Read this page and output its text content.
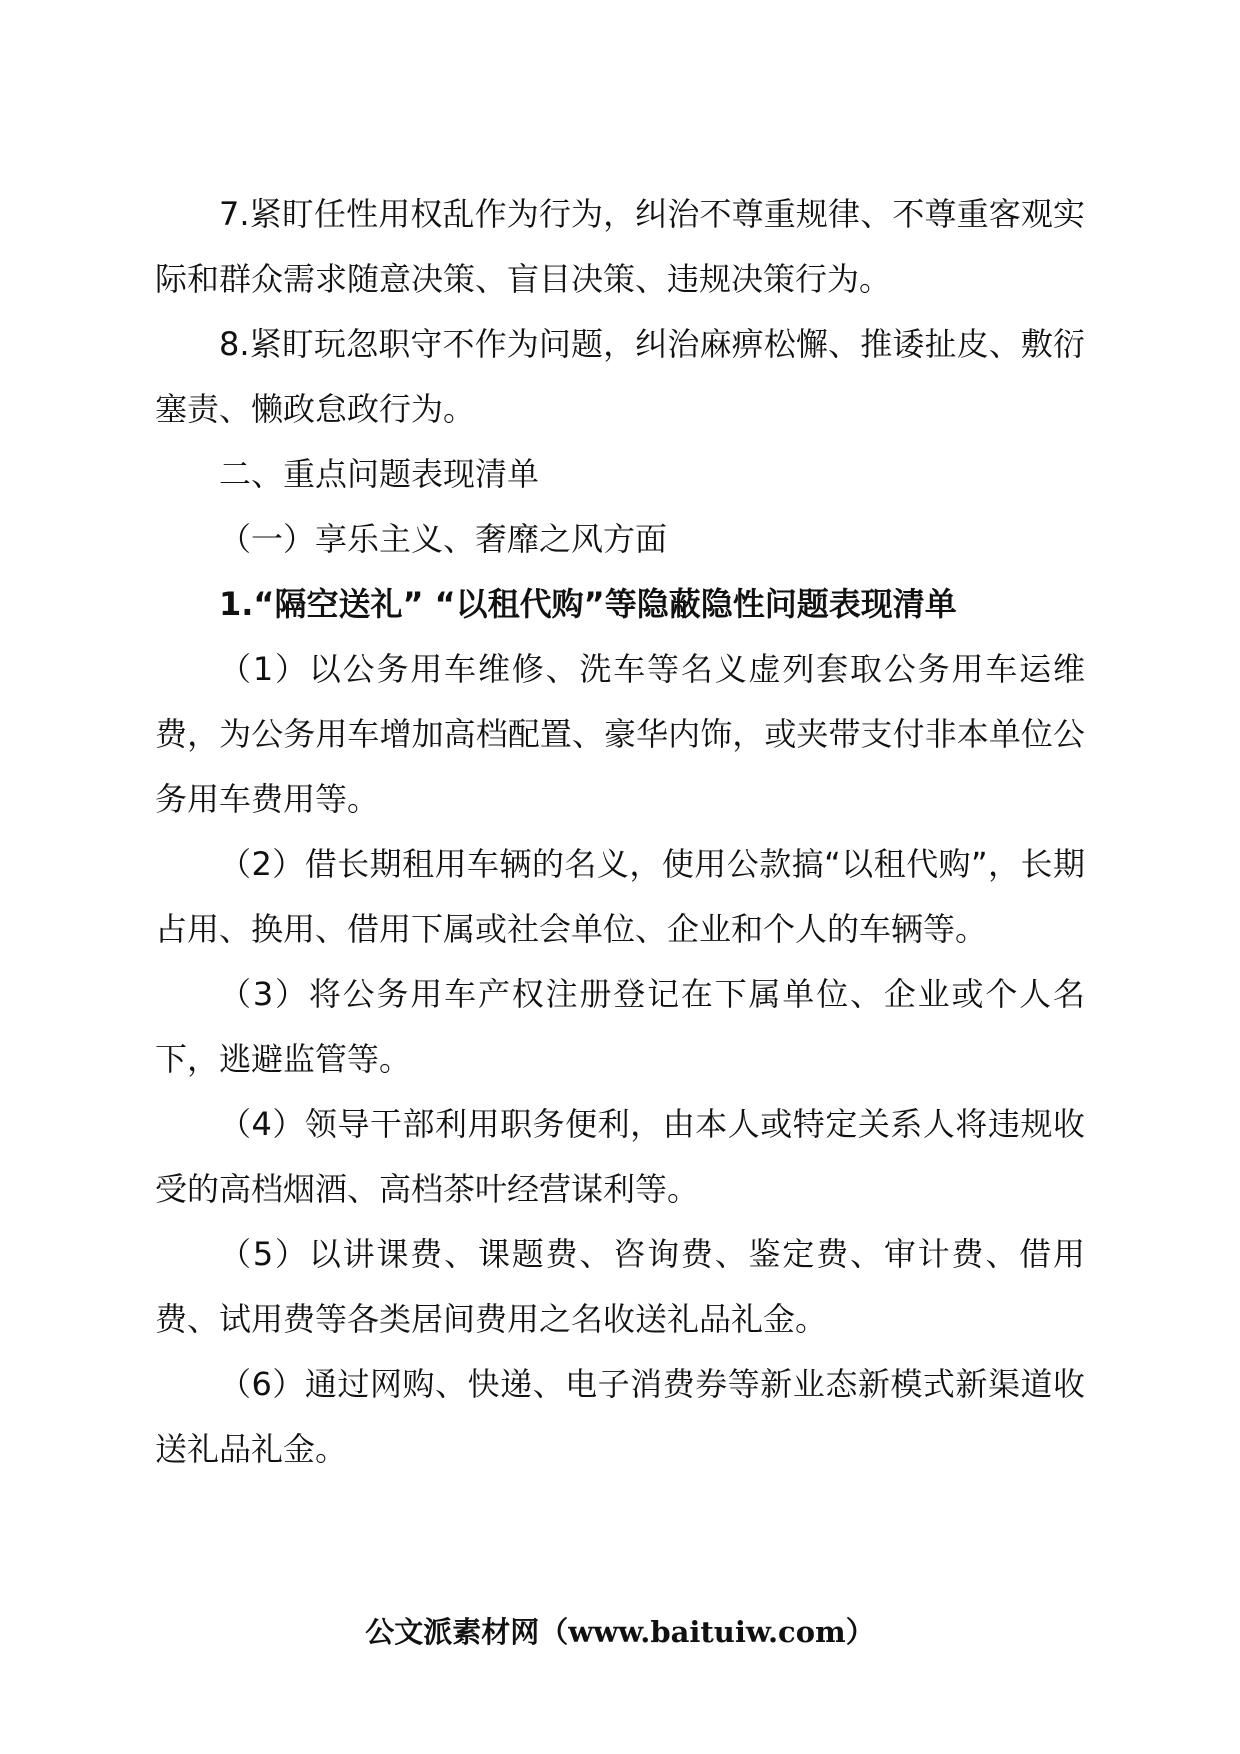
7.紧盯任性用权乱作为行为，纠治不尊重规律、不尊重客观实际和群众需求随意决策、盲目决策、违规决策行为。

8.紧盯玩忽职守不作为问题，纠治麻痹松懈、推诿扯皮、敷衍塞责、懒政怠政行为。

二、重点问题表现清单

（一）享乐主义、奢靡之风方面

1.“隔空送礼” “以租代购”等隐蔽隐性问题表现清单

（1）以公务用车维修、洗车等名义虚列套取公务用车运维费，为公务用车增加高档配置、豪华内饰，或夹带支付非本单位公务用车费用等。

（2）借长期租用车辆的名义，使用公款搞“以租代购”，长期占用、换用、借用下属或社会单位、企业和个人的车辆等。

（3）将公务用车产权注册登记在下属单位、企业或个人名下，逃避监管等。

（4）领导干部利用职务便利，由本人或特定关系人将违规收受的高档烟酒、高档茶叶经营谋利等。

（5）以讲课费、课题费、咨询费、鉴定费、审计费、借用费、试用费等各类居间费用之名收送礼品礼金。

（6）通过网购、快递、电子消费券等新业态新模式新渠道收送礼品礼金。

公文派素材网（www.baituiw.com）
